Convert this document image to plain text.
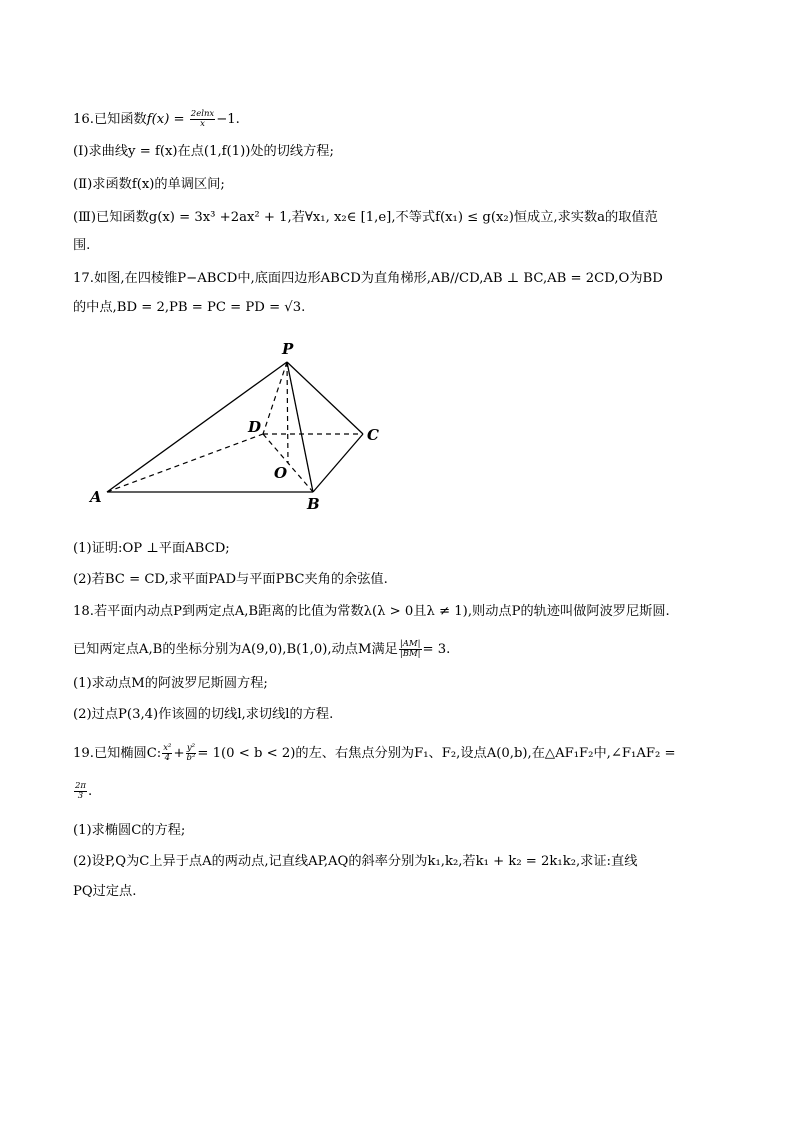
16.已知函数$f(x) = \frac{2elnx}{x} -1$.
(Ⅰ)求曲线y = f(x)在点(1,f(1))处的切线方程;
(Ⅱ)求函数f(x)的单调区间;
(Ⅲ)已知函数g(x) = 3x³ +2ax² + 1,若∀x₁, x₂∈ [1,e],不等式f(x₁) ≤ g(x₂)恒成立,求实数a的取值范
围.
17.如图,在四棱锥P−ABCD中,底面四边形ABCD为直角梯形,AB//CD,AB ⊥ BC,AB = 2CD,O为BD
的中点,BD = 2,PB = PC = PD = √3.
P
D	C
O
A	B
(1)证明:OP ⊥平面ABCD;
(2)若BC = CD,求平面PAD与平面PBC夹角的余弦值.
18.若平面内动点P到两定点A,B距离的比值为常数λ(λ > 0且λ ≠ 1),则动点P的轨迹叫做阿波罗尼斯圆.
已知两定点A,B的坐标分别为A(9,0),B(1,0),动点M满足 $\frac{|AM|}{|BM|} = 3$.
(1)求动点M的阿波罗尼斯圆方程;
(2)过点P(3,4)作该圆的切线l,求切线l的方程.
19.已知椭圆C: $\frac{\text{x²}}{4} + \frac{\text{y²}}{\text{b²}} = 1(0 < b < 2)$的左、右焦点分别为F₁、F₂,设点A(0,b),在△AF₁F₂中,∠F₁AF₂ =
$\frac{2\pi}{3}$ .
(1)求椭圆C的方程;
(2)设P,Q为C上异于点A的两动点,记直线AP,AQ的斜率分别为k₁,k₂,若k₁ + k₂ = 2k₁k₂,求证:直线
PQ过定点.
